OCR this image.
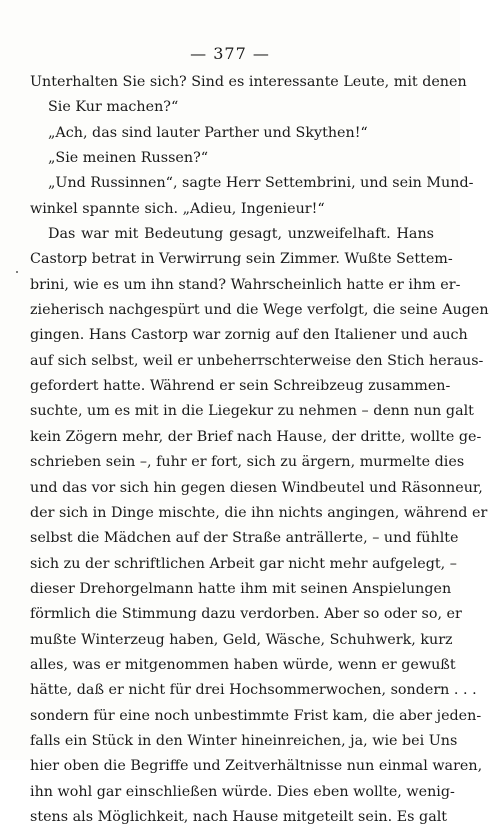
— 377 —
Unterhalten Sie sich? Sind es interessante Leute, mit denen
Sie Kur machen?“
„Ach, das sind lauter Parther und Skythen!“
„Sie meinen Russen?“
„Und Russinnen“, sagte Herr Settembrini, und sein Mund-
winkel spannte sich. „Adieu, Ingenieur!“
Das war mit Bedeutung gesagt, unzweifelhaft. Hans
Castorp betrat in Verwirrung sein Zimmer. Wußte Settem-
brini, wie es um ihn stand? Wahrscheinlich hatte er ihm er-
zieherisch nachgespürt und die Wege verfolgt, die seine Augen
gingen. Hans Castorp war zornig auf den Italiener und auch
auf sich selbst, weil er unbeherrschterweise den Stich heraus-
gefordert hatte. Während er sein Schreibzeug zusammen-
suchte, um es mit in die Liegekur zu nehmen – denn nun galt
kein Zögern mehr, der Brief nach Hause, der dritte, wollte ge-
schrieben sein –, fuhr er fort, sich zu ärgern, murmelte dies
und das vor sich hin gegen diesen Windbeutel und Räsonneur,
der sich in Dinge mischte, die ihn nichts angingen, während er
selbst die Mädchen auf der Straße anträllerte, – und fühlte
sich zu der schriftlichen Arbeit gar nicht mehr aufgelegt, –
dieser Drehorgelmann hatte ihm mit seinen Anspielungen
förmlich die Stimmung dazu verdorben. Aber so oder so, er
mußte Winterzeug haben, Geld, Wäsche, Schuhwerk, kurz
alles, was er mitgenommen haben würde, wenn er gewußt
hätte, daß er nicht für drei Hochsommerwochen, sondern . . .
sondern für eine noch unbestimmte Frist kam, die aber jeden-
falls ein Stück in den Winter hineinreichen, ja, wie bei Uns
hier oben die Begriffe und Zeitverhältnisse nun einmal waren,
ihn wohl gar einschließen würde. Dies eben wollte, wenig-
stens als Möglichkeit, nach Hause mitgeteilt sein. Es galt
